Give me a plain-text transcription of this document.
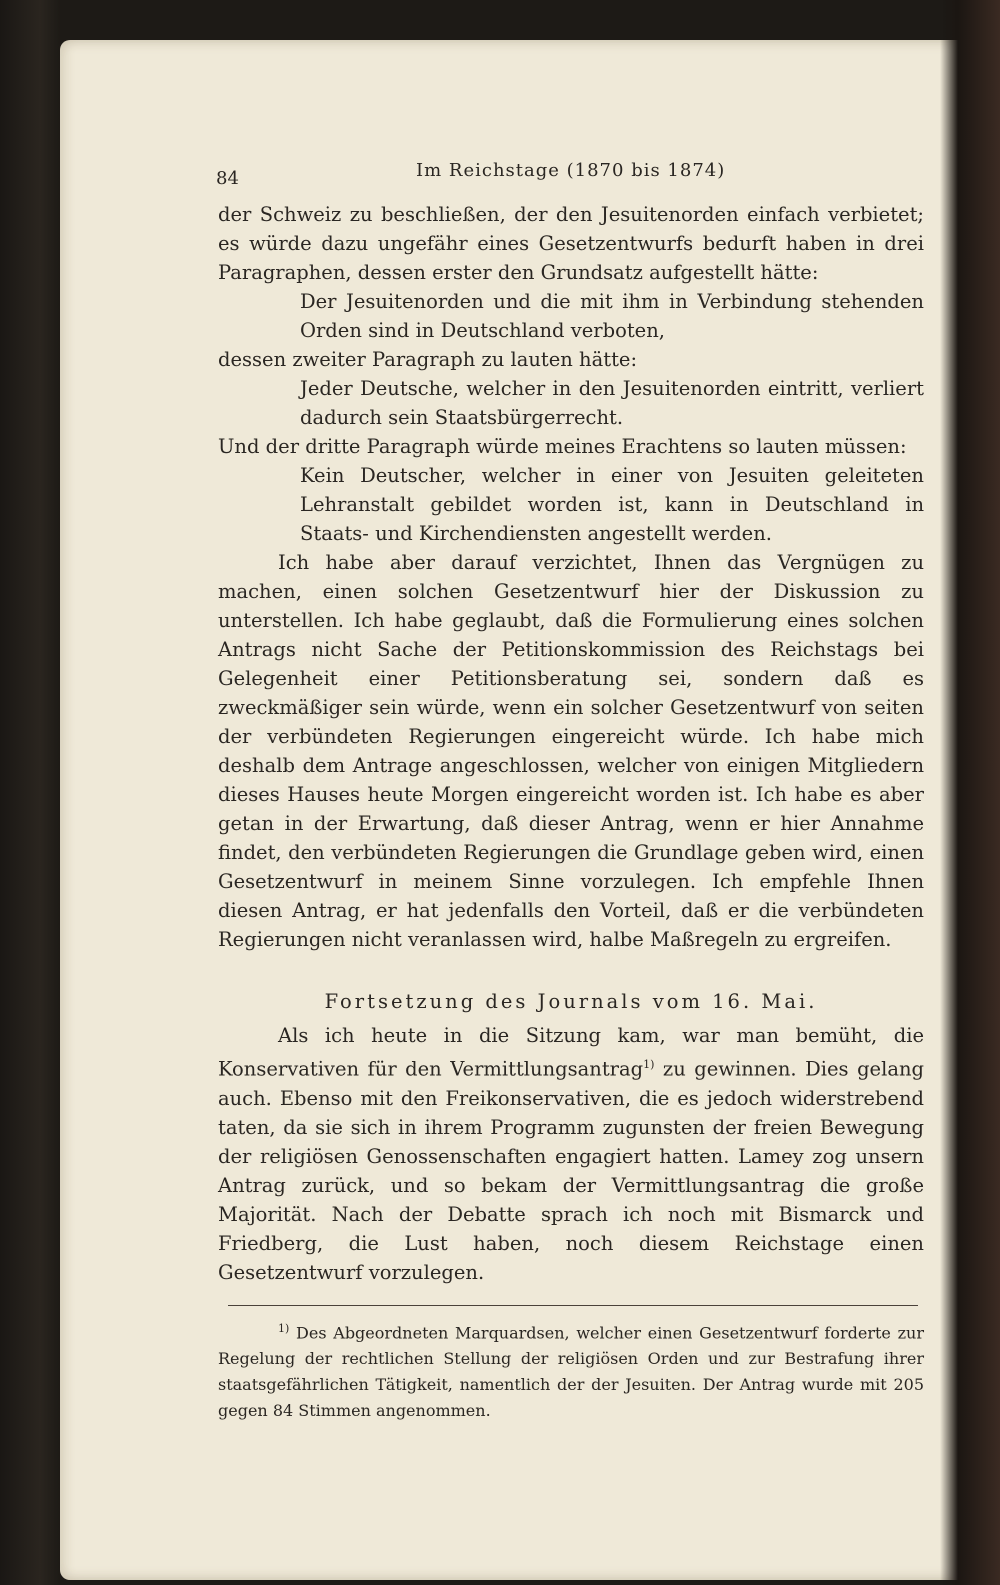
84	Im Reichstage (1870 bis 1874)

der Schweiz zu beschließen, der den Jesuitenorden einfach verbietet; es würde dazu ungefähr eines Gesetzentwurfs bedurft haben in drei Paragraphen, dessen erster den Grundsatz aufgestellt hätte:

Der Jesuitenorden und die mit ihm in Verbindung stehenden Orden sind in Deutschland verboten,

dessen zweiter Paragraph zu lauten hätte:

Jeder Deutsche, welcher in den Jesuitenorden eintritt, verliert dadurch sein Staatsbürgerrecht.

Und der dritte Paragraph würde meines Erachtens so lauten müssen:

Kein Deutscher, welcher in einer von Jesuiten geleiteten Lehranstalt gebildet worden ist, kann in Deutschland in Staats- und Kirchendiensten angestellt werden.

Ich habe aber darauf verzichtet, Ihnen das Vergnügen zu machen, einen solchen Gesetzentwurf hier der Diskussion zu unterstellen. Ich habe geglaubt, daß die Formulierung eines solchen Antrags nicht Sache der Petitionskommission des Reichstags bei Gelegenheit einer Petitionsberatung sei, sondern daß es zweckmäßiger sein würde, wenn ein solcher Gesetzentwurf von seiten der verbündeten Regierungen eingereicht würde. Ich habe mich deshalb dem Antrage angeschlossen, welcher von einigen Mitgliedern dieses Hauses heute Morgen eingereicht worden ist. Ich habe es aber getan in der Erwartung, daß dieser Antrag, wenn er hier Annahme findet, den verbündeten Regierungen die Grundlage geben wird, einen Gesetzentwurf in meinem Sinne vorzulegen. Ich empfehle Ihnen diesen Antrag, er hat jedenfalls den Vorteil, daß er die verbündeten Regierungen nicht veranlassen wird, halbe Maßregeln zu ergreifen.

Fortsetzung des Journals vom 16. Mai.

Als ich heute in die Sitzung kam, war man bemüht, die Konservativen für den Vermittlungsantrag$^{1)}$ zu gewinnen. Dies gelang auch. Ebenso mit den Freikonservativen, die es jedoch widerstrebend taten, da sie sich in ihrem Programm zugunsten der freien Bewegung der religiösen Genossenschaften engagiert hatten. Lamey zog unsern Antrag zurück, und so bekam der Vermittlungsantrag die große Majorität. Nach der Debatte sprach ich noch mit Bismarck und Friedberg, die Lust haben, noch diesem Reichstage einen Gesetzentwurf vorzulegen.

$^{1)}$ Des Abgeordneten Marquardsen, welcher einen Gesetzentwurf forderte zur Regelung der rechtlichen Stellung der religiösen Orden und zur Bestrafung ihrer staatsgefährlichen Tätigkeit, namentlich der der Jesuiten. Der Antrag wurde mit 205 gegen 84 Stimmen angenommen.
